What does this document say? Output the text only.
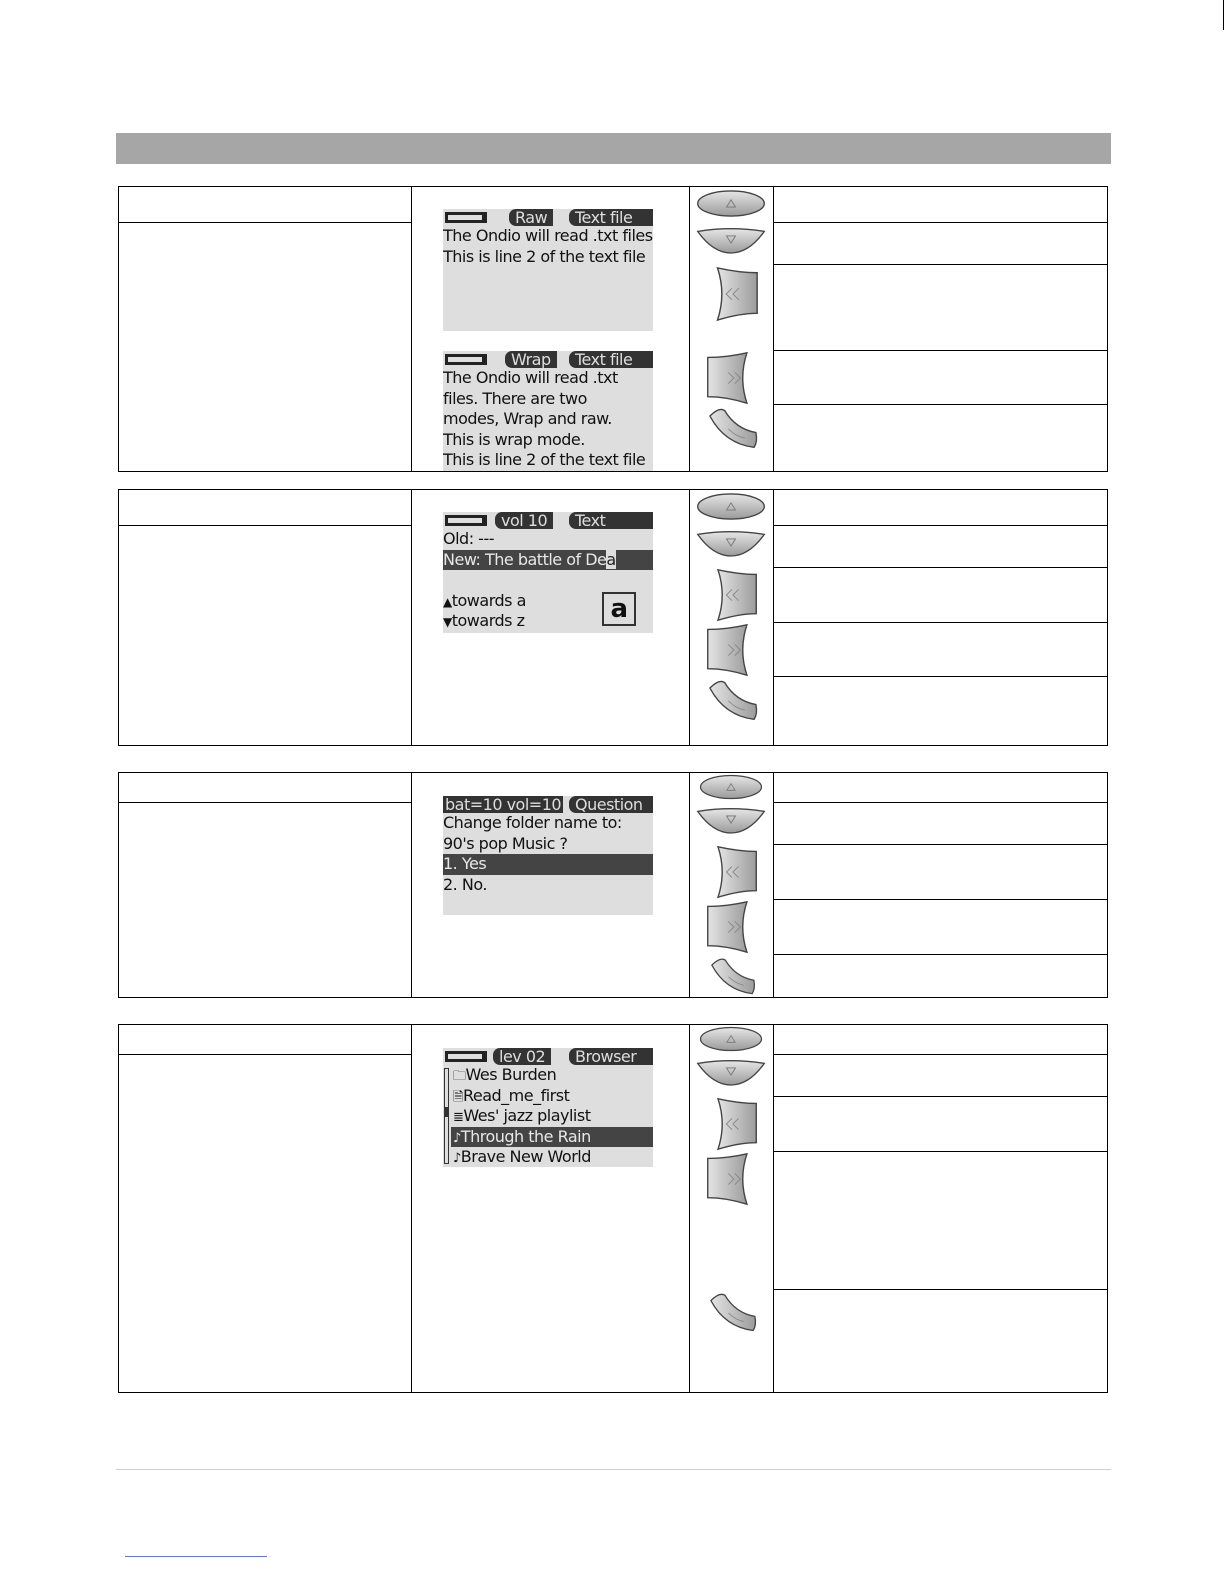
Raw	Text file
The Ondio will read .txt files
This is line 2 of the text file
Wrap	Text file
The Ondio will read .txt
files. There are two
modes, Wrap and raw.
This is wrap mode.
This is line 2 of the text file
vol 10	Text
Old: ---
New: The battle of Dea
▲towards a
▼towards z	a
bat=10 vol=10 Question
Change folder name to:
90's pop Music ?
1. Yes
2. No.
lev 02	Browser
🗀Wes Burden
🗎Read_me_first
≣Wes' jazz playlist
♪Through the Rain
♪Brave New World
